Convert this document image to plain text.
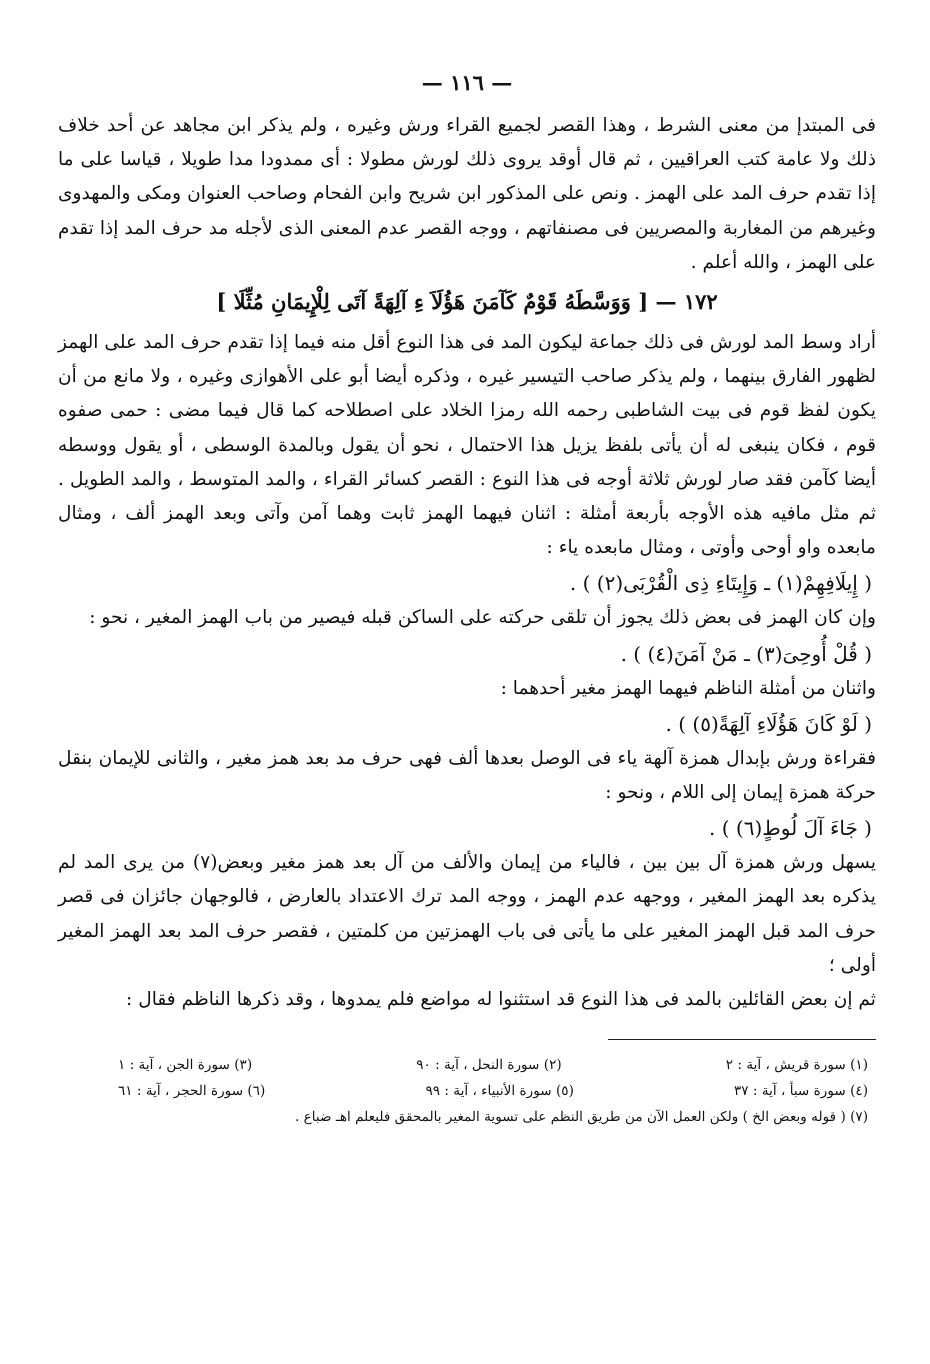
— ١١٦ —

فى المبتدإ من معنى الشرط ، وهذا القصر لجميع القراء ورش وغيره ، ولم يذكر ابن مجاهد عن أحد خلاف ذلك ولا عامة كتب العراقيين ، ثم قال أوقد يروى ذلك لورش مطولا : أى ممدودا مدا طويلا ، قياسا على ما إذا تقدم حرف المد على الهمز . ونص على المذكور ابن شريح وابن الفحام وصاحب العنوان ومكى والمهدوى وغيرهم من المغاربة والمصريين فى مصنفاتهم ، ووجه القصر عدم المعنى الذى لأجله مد حرف المد إذا تقدم على الهمز ، والله أعلم .

١٧٢ — [ وَوَسَّطَهُ قَوْمٌ كَآمَنَ هَؤُلَاَ ءِ آلِهَةً آتَى لِلْإِيمَانِ مُثِّلَا ]

أراد وسط المد لورش فى ذلك جماعة ليكون المد فى هذا النوع أقل منه فيما إذا تقدم حرف المد على الهمز لظهور الفارق بينهما ، ولم يذكر صاحب التيسير غيره ، وذكره أيضا أبو على الأهوازى وغيره ، ولا مانع من أن يكون لفظ قوم فى بيت الشاطبى رحمه الله رمزا الخلاد على اصطلاحه كما قال فيما مضى : حمى صفوه قوم ، فكان ينبغى له أن يأتى بلفظ يزيل هذا الاحتمال ، نحو أن يقول وبالمدة الوسطى ، أو يقول ووسطه أيضا كآمن فقد صار لورش ثلاثة أوجه فى هذا النوع : القصر كسائر القراء ، والمد المتوسط ، والمد الطويل . ثم مثل مافيه هذه الأوجه بأربعة أمثلة : اثنان فيهما الهمز ثابت وهما آمن وآتى وبعد الهمز ألف ، ومثال مابعده واو أوحى وأوتى ، ومثال مابعده ياء :

( إِيلَافِهِمْ(١) ـ وَإِيتَاءِ ذِى الْقُرْبَى(٢) ) .

وإن كان الهمز فى بعض ذلك يجوز أن تلقى حركته على الساكن قبله فيصير من باب الهمز المغير ، نحو :

( قُلْ أُوحِىَ(٣) ـ مَنْ آمَنَ(٤) ) .

واثنان من أمثلة الناظم فيهما الهمز مغير أحدهما :

( لَوْ كَانَ هَؤُلَاءِ آلِهَةً(٥) ) .

فقراءة ورش بإبدال همزة آلهة ياء فى الوصل بعدها ألف فهى حرف مد بعد همز مغير ، والثانى للإيمان بنقل حركة همزة إيمان إلى اللام ، ونحو :

( جَاءَ آلَ لُوطٍ(٦) ) .

يسهل ورش همزة آل بين بين ، فالياء من إيمان والألف من آل بعد همز مغير وبعض(٧) من يرى المد لم يذكره بعد الهمز المغير ، ووجهه عدم الهمز ، ووجه المد ترك الاعتداد بالعارض ، فالوجهان جائزان فى قصر حرف المد قبل الهمز المغير على ما يأتى فى باب الهمزتين من كلمتين ، فقصر حرف المد بعد الهمز المغير أولى ؛

ثم إن بعض القائلين بالمد فى هذا النوع قد استثنوا له مواضع فلم يمدوها ، وقد ذكرها الناظم فقال :

(١) سورة قريش ، آية : ٢
(٢) سورة النحل ، آية : ٩٠
(٣) سورة الجن ، آية : ١
(٤) سورة سبأ ، آية : ٣٧
(٥) سورة الأنبياء ، آية : ٩٩
(٦) سورة الحجر ، آية : ٦١
(٧) ( قوله وبعض الخ ) ولكن العمل الآن من طريق النظم على تسوية المغير بالمحقق فليعلم اهـ ضباع .
